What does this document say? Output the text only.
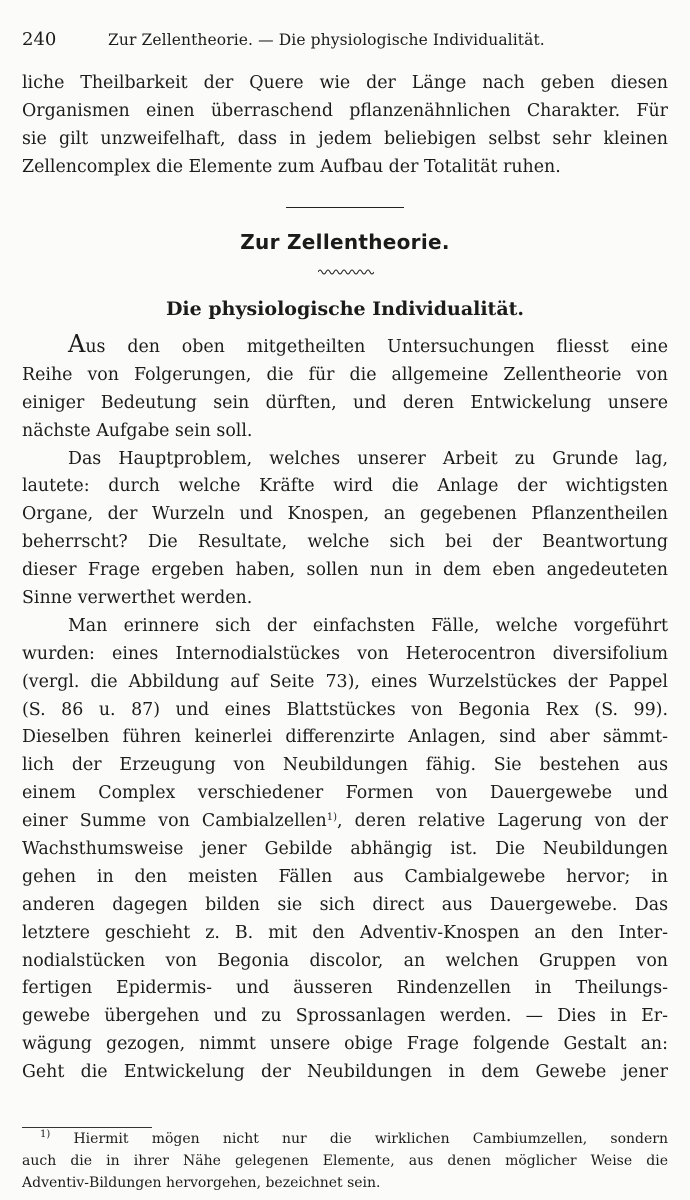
240	Zur Zellentheorie. — Die physiologische Individualität.
liche Theilbarkeit der Quere wie der Länge nach geben diesen
Organismen einen überraschend pflanzenähnlichen Charakter. Für
sie gilt unzweifelhaft, dass in jedem beliebigen selbst sehr kleinen
Zellencomplex die Elemente zum Aufbau der Totalität ruhen.
Zur Zellentheorie.
Die physiologische Individualität.
Aus den oben mitgetheilten Untersuchungen fliesst eine
Reihe von Folgerungen, die für die allgemeine Zellentheorie von
einiger Bedeutung sein dürften, und deren Entwickelung unsere
nächste Aufgabe sein soll.
Das Hauptproblem, welches unserer Arbeit zu Grunde lag,
lautete: durch welche Kräfte wird die Anlage der wichtigsten
Organe, der Wurzeln und Knospen, an gegebenen Pflanzentheilen
beherrscht? Die Resultate, welche sich bei der Beantwortung
dieser Frage ergeben haben, sollen nun in dem eben angedeuteten
Sinne verwerthet werden.
Man erinnere sich der einfachsten Fälle, welche vorgeführt
wurden: eines Internodialstückes von Heterocentron diversifolium
(vergl. die Abbildung auf Seite 73), eines Wurzelstückes der Pappel
(S. 86 u. 87) und eines Blattstückes von Begonia Rex (S. 99).
Dieselben führen keinerlei differenzirte Anlagen, sind aber sämmt-
lich der Erzeugung von Neubildungen fähig. Sie bestehen aus
einem Complex verschiedener Formen von Dauergewebe und
einer Summe von Cambialzellen$^{1)}$, deren relative Lagerung von der
Wachsthumsweise jener Gebilde abhängig ist. Die Neubildungen
gehen in den meisten Fällen aus Cambialgewebe hervor; in
anderen dagegen bilden sie sich direct aus Dauergewebe. Das
letztere geschieht z. B. mit den Adventiv-Knospen an den Inter-
nodialstücken von Begonia discolor, an welchen Gruppen von
fertigen Epidermis- und äusseren Rindenzellen in Theilungs-
gewebe übergehen und zu Sprossanlagen werden. — Dies in Er-
wägung gezogen, nimmt unsere obige Frage folgende Gestalt an:
Geht die Entwickelung der Neubildungen in dem Gewebe jener
$^{1)}$ Hiermit mögen nicht nur die wirklichen Cambiumzellen, sondern
auch die in ihrer Nähe gelegenen Elemente, aus denen möglicher Weise die
Adventiv-Bildungen hervorgehen, bezeichnet sein.
